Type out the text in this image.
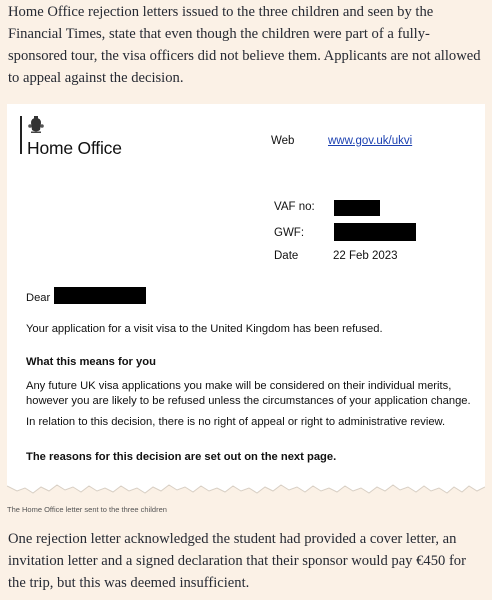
Home Office rejection letters issued to the three children and seen by the Financial Times, state that even though the children were part of a fully-sponsored tour, the visa officers did not believe them. Applicants are not allowed to appeal against the decision.

Home Office	Web	www.gov.uk/ukvi
VAF no:
GWF:
Date	22 Feb 2023
Dear
Your application for a visit visa to the United Kingdom has been refused.
What this means for you
Any future UK visa applications you make will be considered on their individual merits, however you are likely to be refused unless the circumstances of your application change.
In relation to this decision, there is no right of appeal or right to administrative review.
The reasons for this decision are set out on the next page.
The Home Office letter sent to the three children

One rejection letter acknowledged the student had provided a cover letter, an invitation letter and a signed declaration that their sponsor would pay €450 for the trip, but this was deemed insufficient.
